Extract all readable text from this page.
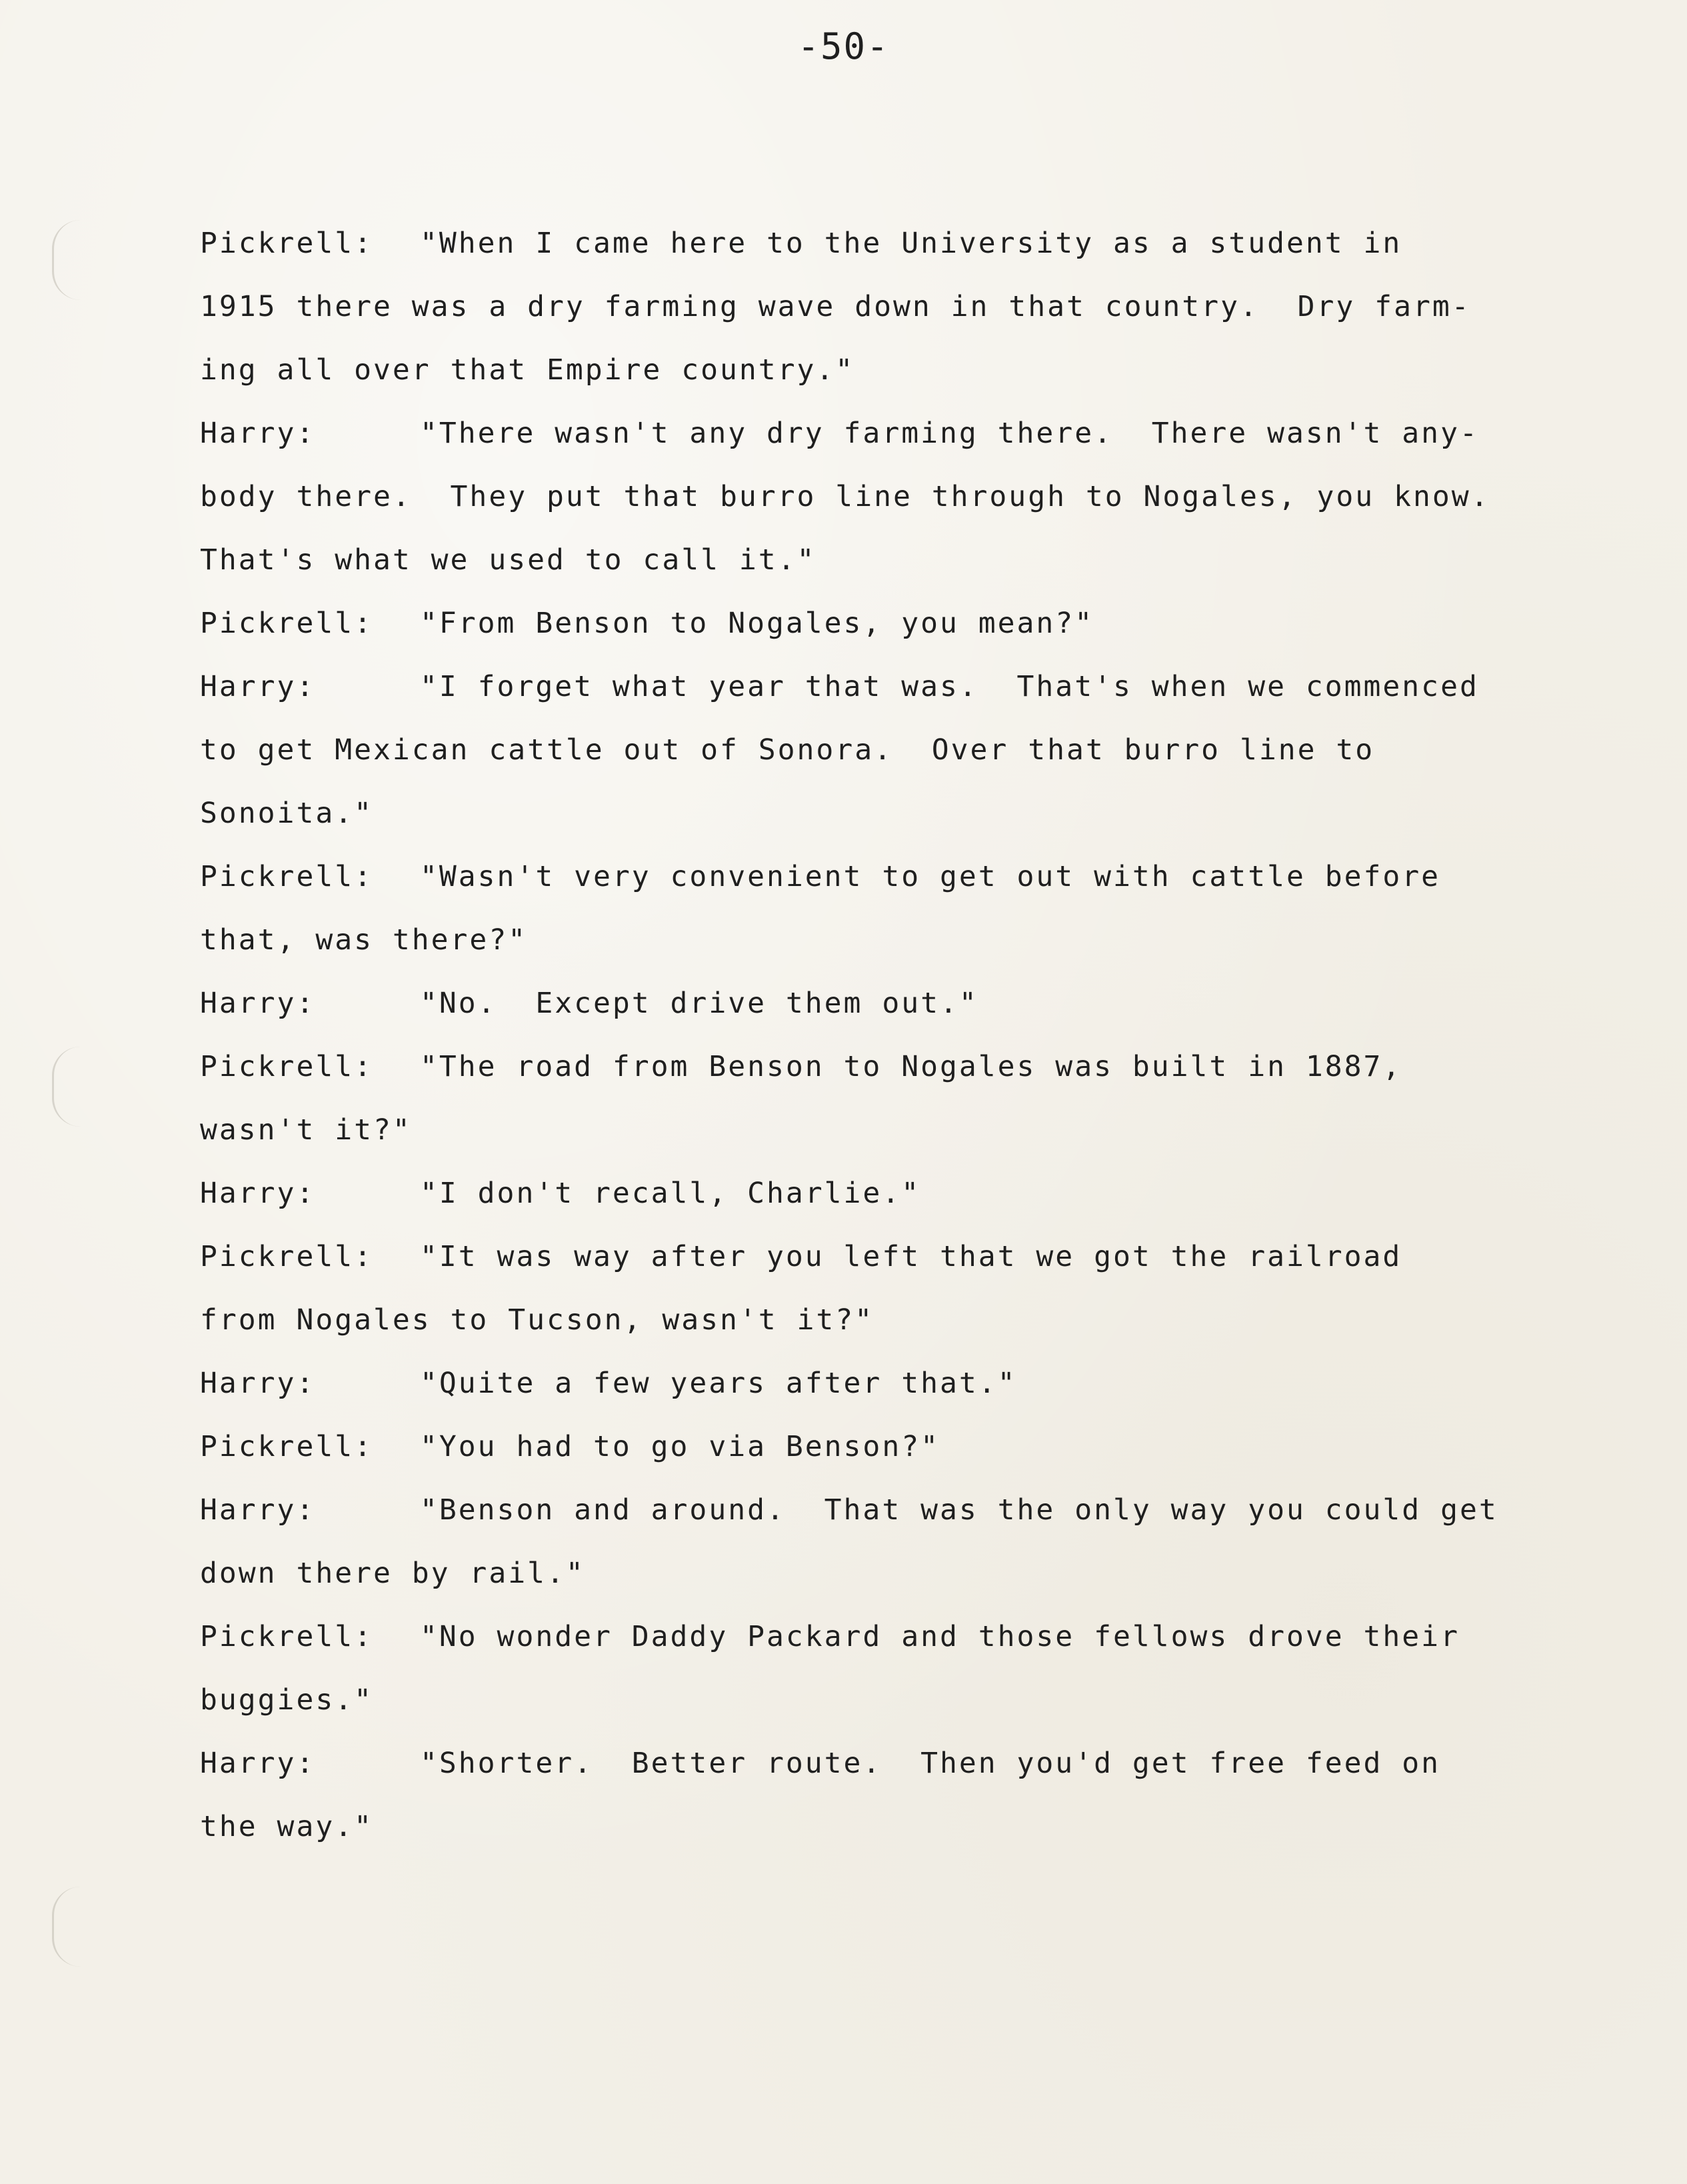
-50-
Pickrell: "When I came here to the University as a student in
1915 there was a dry farming wave down in that country.  Dry farm-
ing all over that Empire country."
Harry:	"There wasn't any dry farming there.  There wasn't any-
body there.  They put that burro line through to Nogales, you know.
That's what we used to call it."
Pickrell: "From Benson to Nogales, you mean?"
Harry:	"I forget what year that was.  That's when we commenced
to get Mexican cattle out of Sonora.  Over that burro line to
Sonoita."
Pickrell: "Wasn't very convenient to get out with cattle before
that, was there?"
Harry:	"No.  Except drive them out."
Pickrell: "The road from Benson to Nogales was built in 1887,
wasn't it?"
Harry:	"I don't recall, Charlie."
Pickrell: "It was way after you left that we got the railroad
from Nogales to Tucson, wasn't it?"
Harry:	"Quite a few years after that."
Pickrell: "You had to go via Benson?"
Harry:	"Benson and around.  That was the only way you could get
down there by rail."
Pickrell: "No wonder Daddy Packard and those fellows drove their
buggies."
Harry:	"Shorter.  Better route.  Then you'd get free feed on
the way."
